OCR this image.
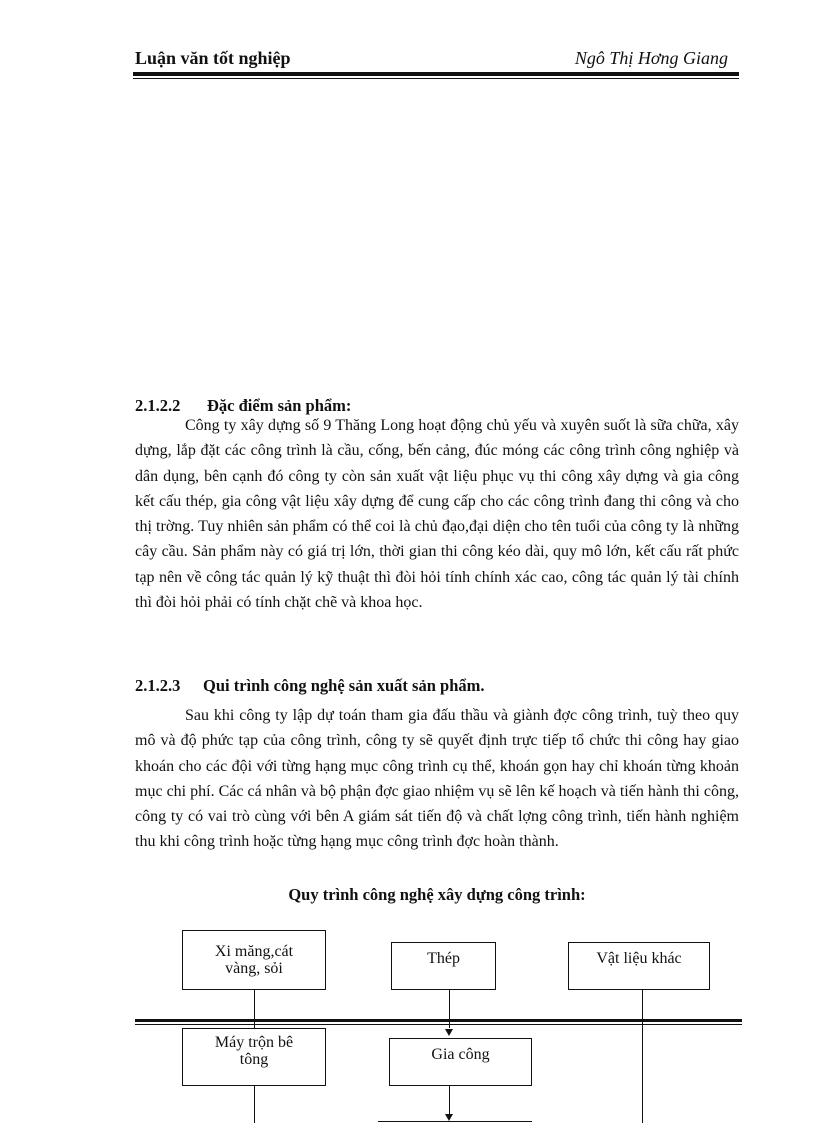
Luận văn tốt nghiệp	Ngô Thị Hơng Giang
2.1.2.2 Đặc điểm sản phẩm:

Công ty xây dựng số 9 Thăng Long hoạt động chủ yếu và xuyên suốt là sữa chữa, xây dựng, lắp đặt các công trình là cầu, cống, bến cảng, đúc móng các công trình công nghiệp và dân dụng, bên cạnh đó công ty còn sản xuất vật liệu phục vụ thi công xây dựng và gia công kết cấu thép, gia công vật liệu xây dựng để cung cấp cho các công trình đang thi công và cho thị trờng. Tuy nhiên sản phẩm có thể coi là chủ đạo,đại diện cho tên tuổi của công ty là những cây cầu. Sản phẩm này có giá trị lớn, thời gian thi công kéo dài, quy mô lớn, kết cấu rất phức tạp nên về công tác quản lý kỹ thuật thì đòi hỏi tính chính xác cao, công tác quản lý tài chính thì đòi hỏi phải có tính chặt chẽ và khoa học.

2.1.2.3 Qui trình công nghệ sản xuất sản phẩm.

Sau khi công ty lập dự toán tham gia đấu thầu và giành đợc công trình, tuỳ theo quy mô và độ phức tạp của công trình, công ty sẽ quyết định trực tiếp tổ chức thi công hay giao khoán cho các đội với từng hạng mục công trình cụ thể, khoán gọn hay chỉ khoán từng khoản mục chi phí. Các cá nhân và bộ phận đợc giao nhiệm vụ sẽ lên kế hoạch và tiến hành thi công, công ty có vai trò cùng với bên A giám sát tiến độ và chất lợng công trình, tiến hành nghiệm thu khi công trình hoặc từng hạng mục công trình đợc hoàn thành.

Quy trình công nghệ xây dựng công trình:
Xi măng,cát
vàng, sỏi
Thép	Vật liệu khác
Máy trộn bê
tông	Gia công
